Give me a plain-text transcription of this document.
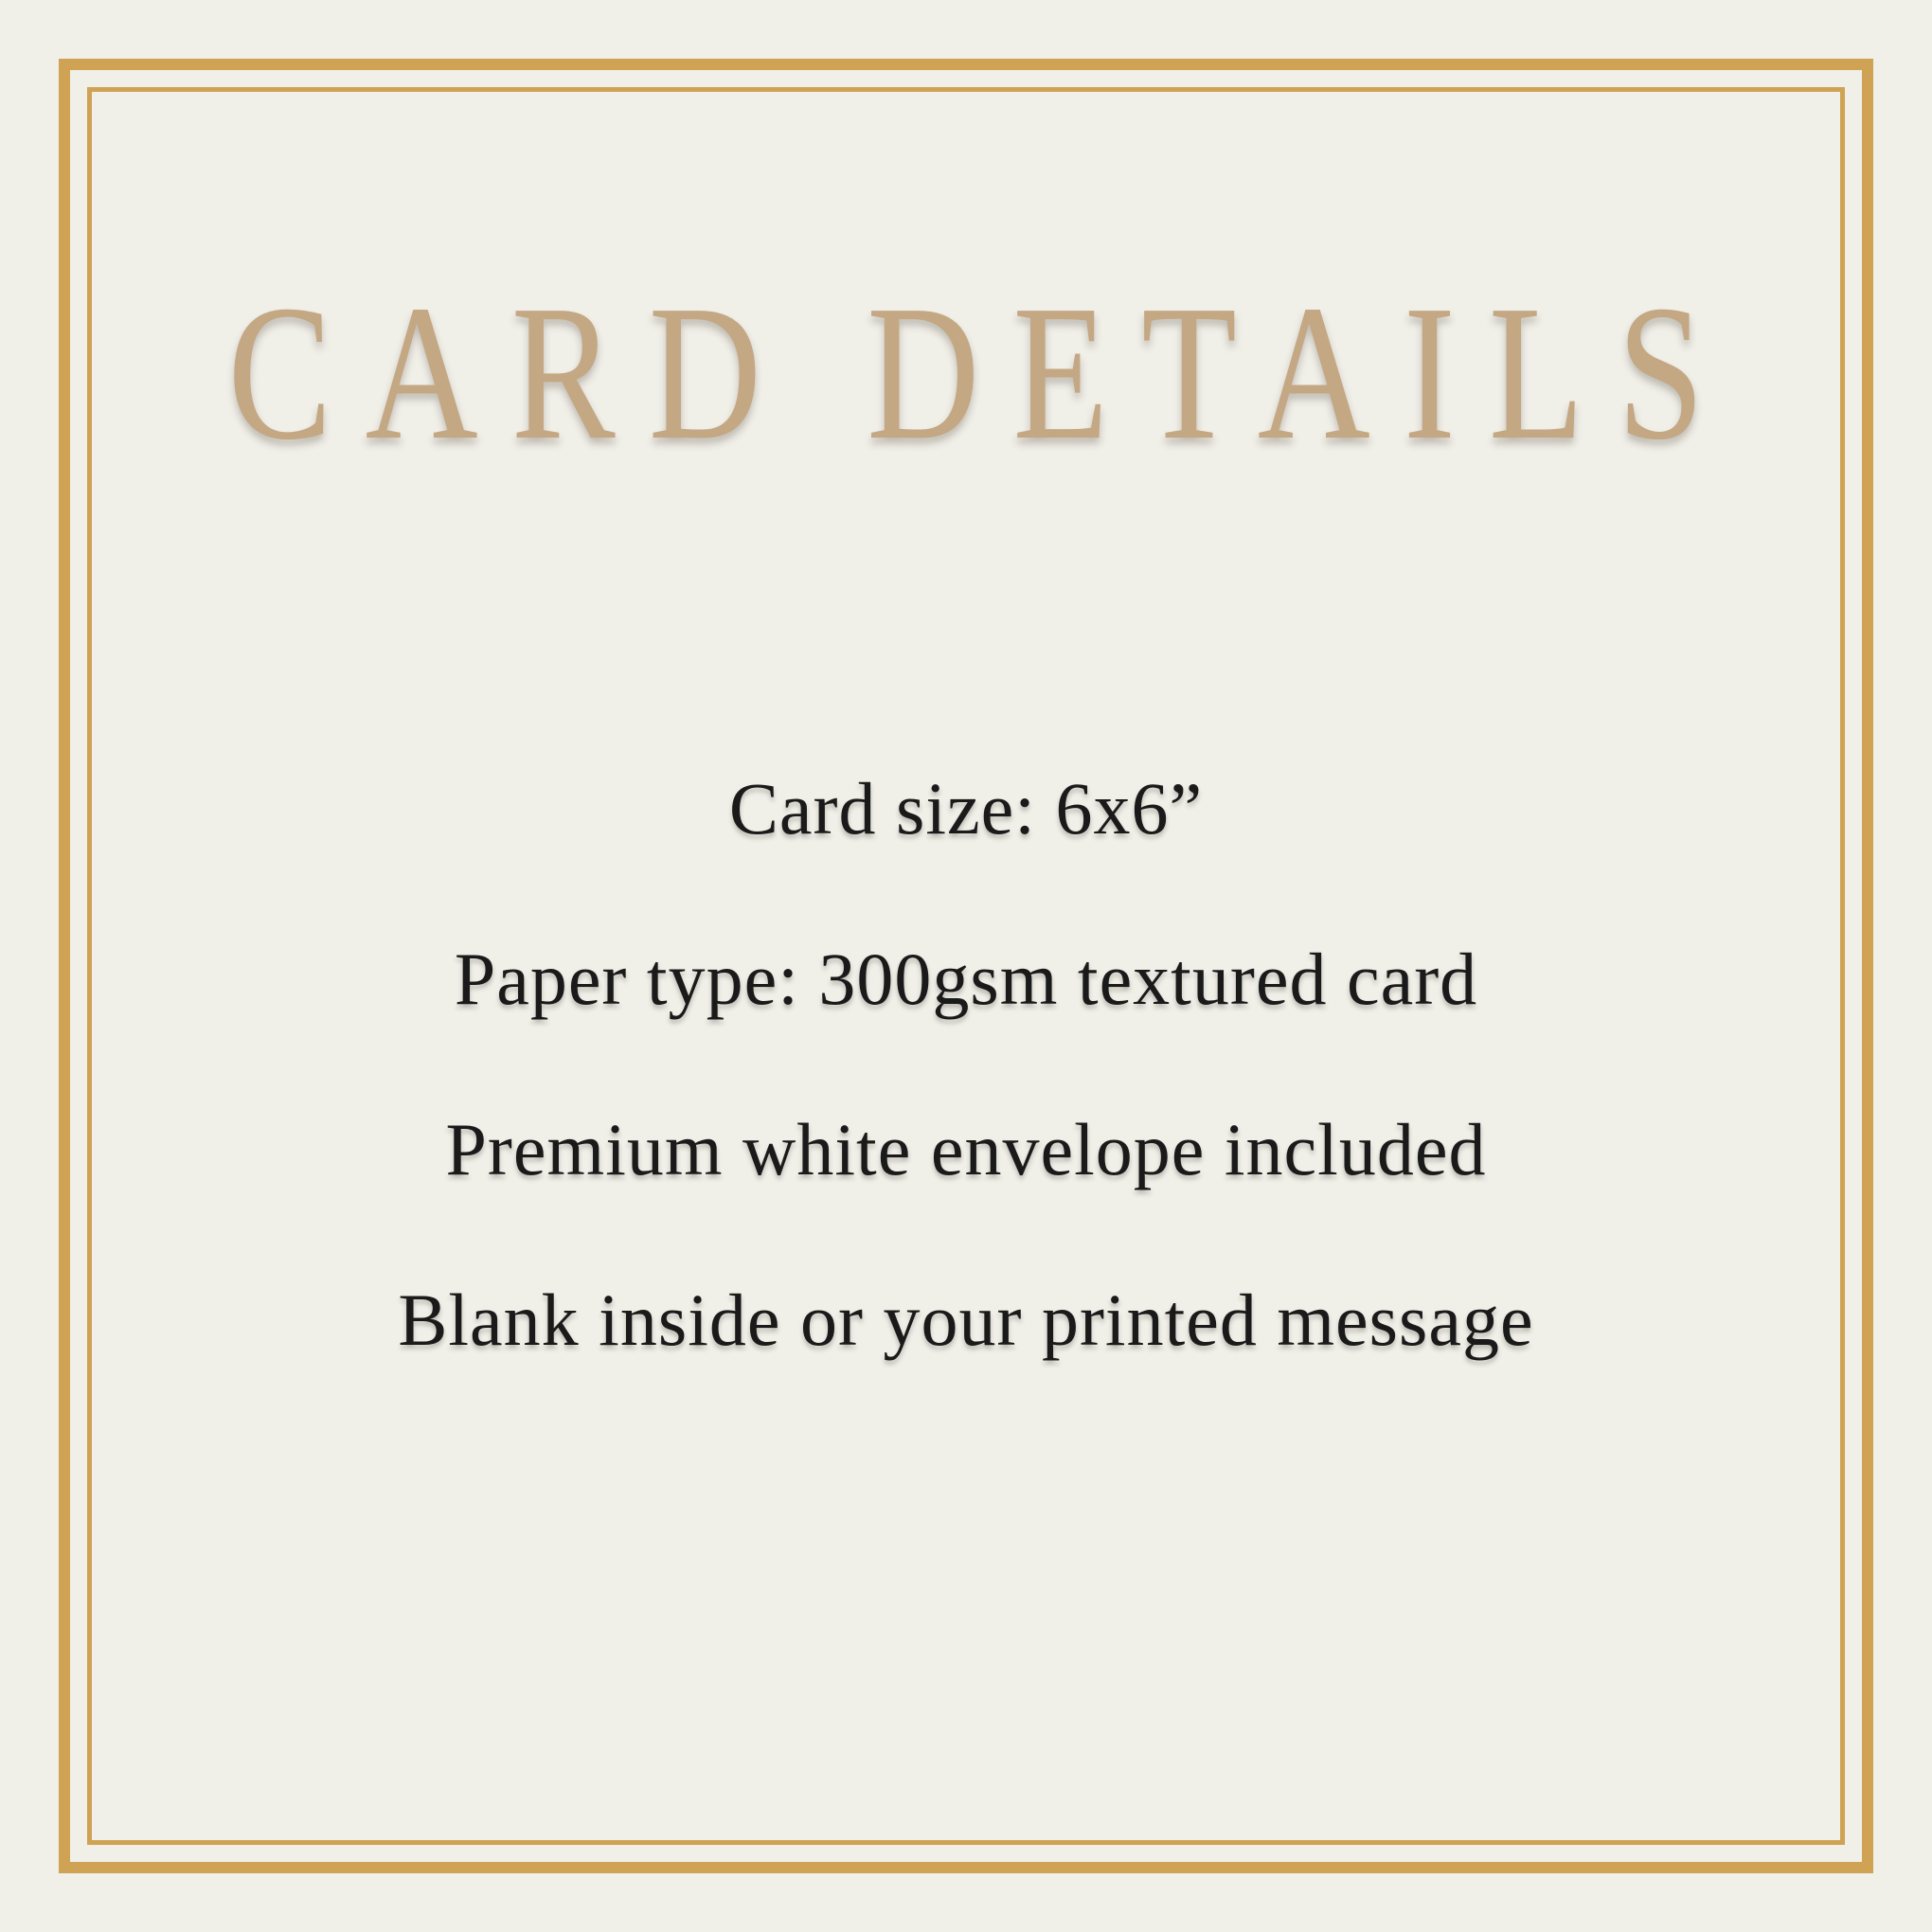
CARD DETAILS

Card size: 6x6”

Paper type: 300gsm textured card

Premium white envelope included

Blank inside or your printed message
